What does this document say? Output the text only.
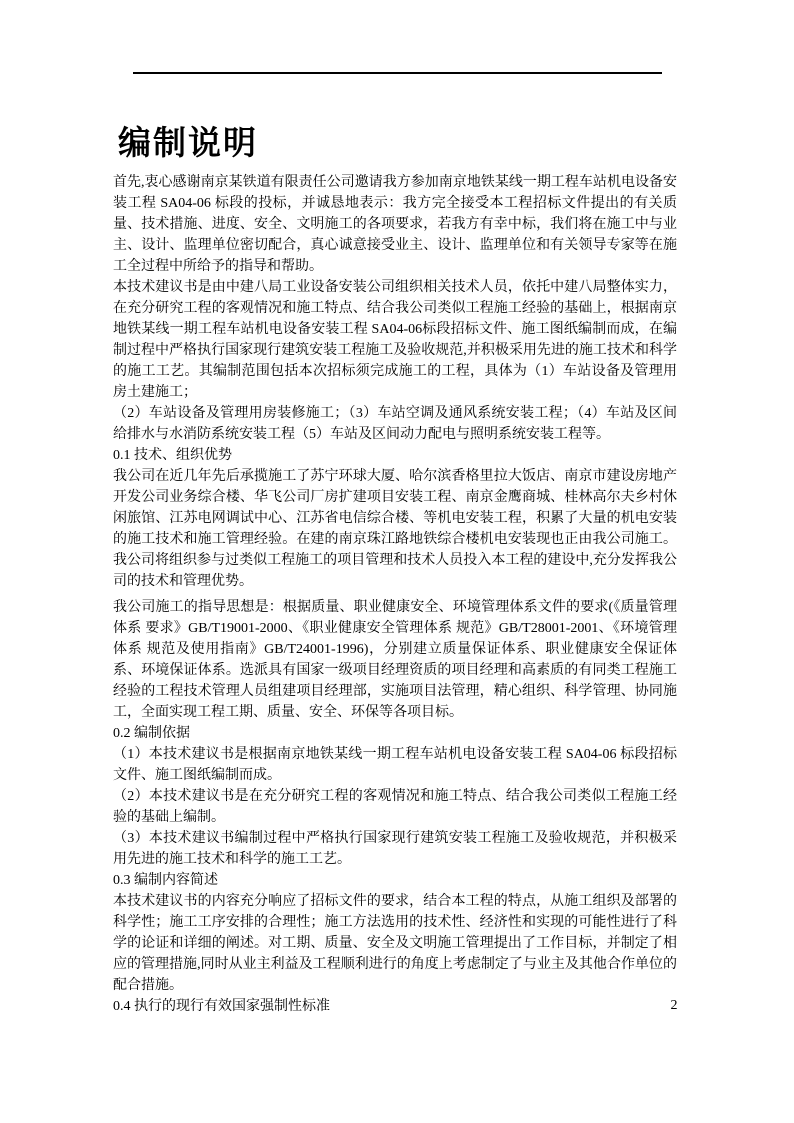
编制说明

首先,衷心感谢南京某铁道有限责任公司邀请我方参加南京地铁某线一期工程车站机电设备安装工程 SA04-06 标段的投标，并诚恳地表示：我方完全接受本工程招标文件提出的有关质量、技术措施、进度、安全、文明施工的各项要求，若我方有幸中标，我们将在施工中与业主、设计、监理单位密切配合，真心诚意接受业主、设计、监理单位和有关领导专家等在施工全过程中所给予的指导和帮助。

本技术建议书是由中建八局工业设备安装公司组织相关技术人员，依托中建八局整体实力，在充分研究工程的客观情况和施工特点、结合我公司类似工程施工经验的基础上，根据南京地铁某线一期工程车站机电设备安装工程 SA04-06标段招标文件、施工图纸编制而成，在编制过程中严格执行国家现行建筑安装工程施工及验收规范,并积极采用先进的施工技术和科学的施工工艺。其编制范围包括本次招标须完成施工的工程，具体为（1）车站设备及管理用房土建施工；

（2）车站设备及管理用房装修施工；（3）车站空调及通风系统安装工程；（4）车站及区间给排水与水消防系统安装工程（5）车站及区间动力配电与照明系统安装工程等。

0.1 技术、组织优势

我公司在近几年先后承揽施工了苏宁环球大厦、哈尔滨香格里拉大饭店、南京市建设房地产开发公司业务综合楼、华飞公司厂房扩建项目安装工程、南京金鹰商城、桂林高尔夫乡村休闲旅馆、江苏电网调试中心、江苏省电信综合楼、等机电安装工程，积累了大量的机电安装的施工技术和施工管理经验。在建的南京珠江路地铁综合楼机电安装现也正由我公司施工。我公司将组织参与过类似工程施工的项目管理和技术人员投入本工程的建设中,充分发挥我公司的技术和管理优势。

我公司施工的指导思想是：根据质量、职业健康安全、环境管理体系文件的要求(《质量管理体系 要求》GB/T19001-2000、《职业健康安全管理体系 规范》GB/T28001-2001、《环境管理体系 规范及使用指南》GB/T24001-1996)，分别建立质量保证体系、职业健康安全保证体系、环境保证体系。选派具有国家一级项目经理资质的项目经理和高素质的有同类工程施工经验的工程技术管理人员组建项目经理部，实施项目法管理，精心组织、科学管理、协同施工，全面实现工程工期、质量、安全、环保等各项目标。

0.2 编制依据

（1）本技术建议书是根据南京地铁某线一期工程车站机电设备安装工程 SA04-06 标段招标文件、施工图纸编制而成。

（2）本技术建议书是在充分研究工程的客观情况和施工特点、结合我公司类似工程施工经验的基础上编制。

（3）本技术建议书编制过程中严格执行国家现行建筑安装工程施工及验收规范，并积极采用先进的施工技术和科学的施工工艺。

0.3 编制内容简述

本技术建议书的内容充分响应了招标文件的要求，结合本工程的特点，从施工组织及部署的科学性；施工工序安排的合理性；施工方法选用的技术性、经济性和实现的可能性进行了科学的论证和详细的阐述。对工期、质量、安全及文明施工管理提出了工作目标，并制定了相应的管理措施,同时从业主利益及工程顺利进行的角度上考虑制定了与业主及其他合作单位的配合措施。

0.4 执行的现行有效国家强制性标准	2
